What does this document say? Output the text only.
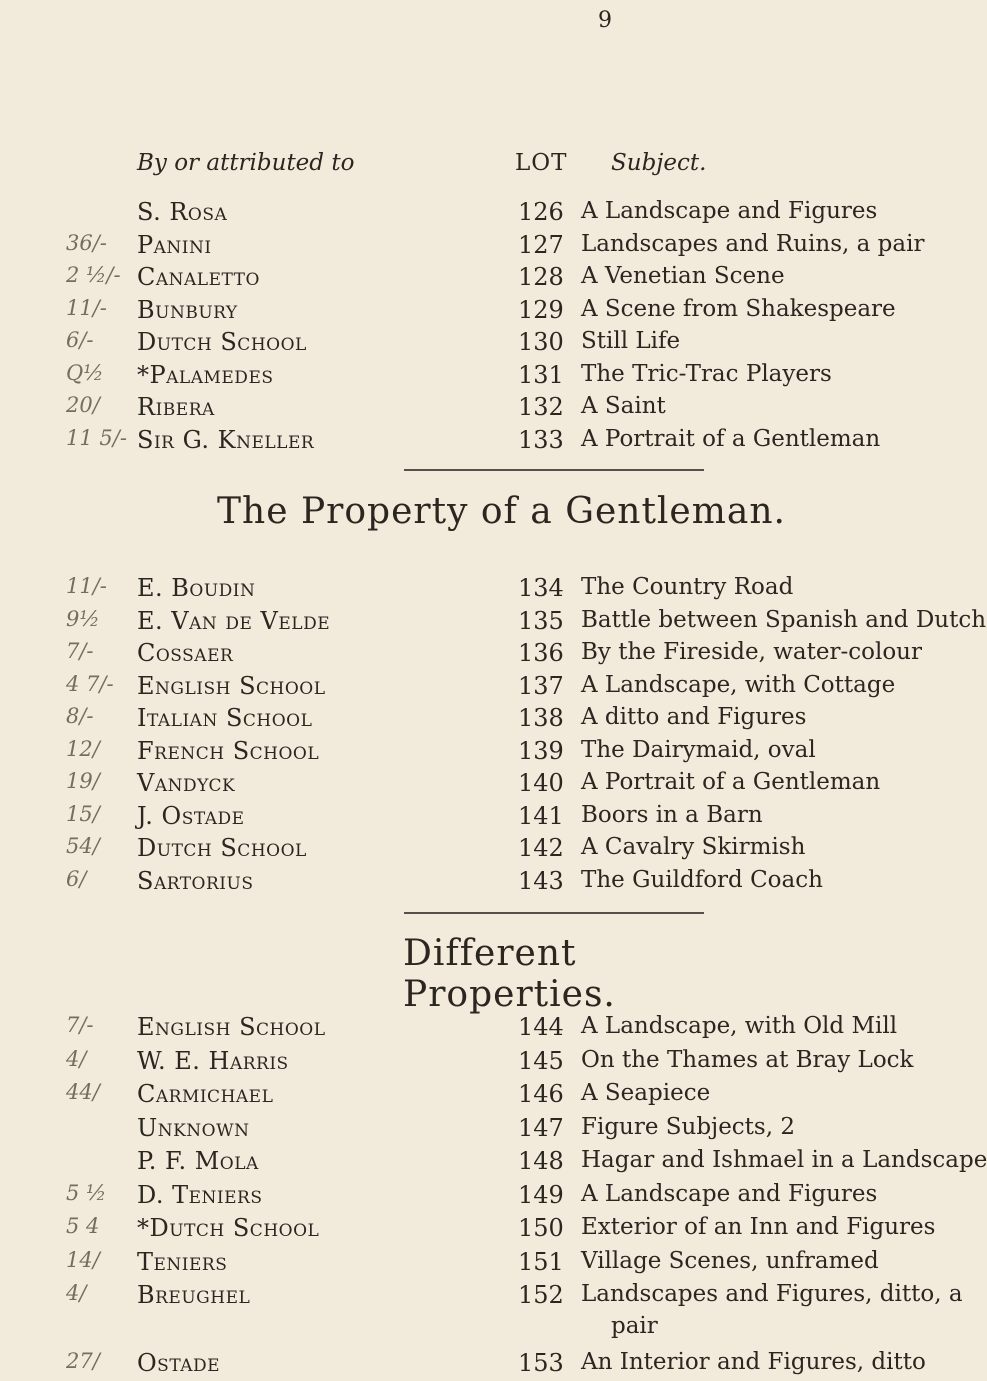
9
By or attributed to	LOT Subject.
S. Rosa	126 A Landscape and Figures
36/- Panini	127 Landscapes and Ruins, a pair
2 ½/- Canaletto	128 A Venetian Scene
11/- Bunbury	129 A Scene from Shakespeare
6/- Dutch School	130 Still Life
Q½ *Palamedes	131 The Tric-Trac Players
20/ Ribera	132 A Saint
11 5/- Sir G. Kneller	133 A Portrait of a Gentleman
The Property of a Gentleman.
11/- E. Boudin	134 The Country Road
9½ E. Van de Velde	135 Battle between Spanish and Dutch
7/- Cossaer	136 By the Fireside, water-colour
4 7/- English School	137 A Landscape, with Cottage
8/- Italian School	138 A ditto and Figures
12/ French School	139 The Dairymaid, oval
19/ Vandyck	140 A Portrait of a Gentleman
15/ J. Ostade	141 Boors in a Barn
54/ Dutch School	142 A Cavalry Skirmish
6/ Sartorius	143 The Guildford Coach
Different Properties.
7/- English School	144 A Landscape, with Old Mill
4/ W. E. Harris	145 On the Thames at Bray Lock
44/ Carmichael	146 A Seapiece
Unknown	147 Figure Subjects, 2
P. F. Mola	148 Hagar and Ishmael in a Landscape
5 ½ D. Teniers	149 A Landscape and Figures
5 4 *Dutch School	150 Exterior of an Inn and Figures
14/ Teniers	151 Village Scenes, unframed
4/ Breughel	152 Landscapes and Figures, ditto, a
pair
27/ Ostade	153 An Interior and Figures, ditto
